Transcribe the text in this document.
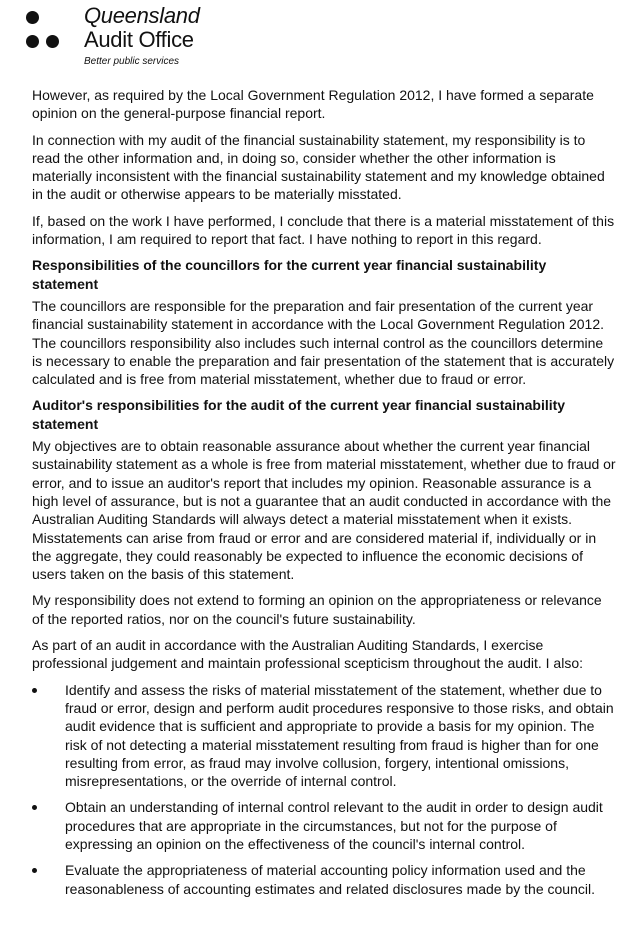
Queensland
Audit Office
Better public services

However, as required by the Local Government Regulation 2012, I have formed a separate opinion on the general-purpose financial report.

In connection with my audit of the financial sustainability statement, my responsibility is to read the other information and, in doing so, consider whether the other information is materially inconsistent with the financial sustainability statement and my knowledge obtained in the audit or otherwise appears to be materially misstated.

If, based on the work I have performed, I conclude that there is a material misstatement of this information, I am required to report that fact. I have nothing to report in this regard.

Responsibilities of the councillors for the current year financial sustainability statement

The councillors are responsible for the preparation and fair presentation of the current year financial sustainability statement in accordance with the Local Government Regulation 2012. The councillors responsibility also includes such internal control as the councillors determine is necessary to enable the preparation and fair presentation of the statement that is accurately calculated and is free from material misstatement, whether due to fraud or error.

Auditor's responsibilities for the audit of the current year financial sustainability statement

My objectives are to obtain reasonable assurance about whether the current year financial sustainability statement as a whole is free from material misstatement, whether due to fraud or error, and to issue an auditor's report that includes my opinion. Reasonable assurance is a high level of assurance, but is not a guarantee that an audit conducted in accordance with the Australian Auditing Standards will always detect a material misstatement when it exists. Misstatements can arise from fraud or error and are considered material if, individually or in the aggregate, they could reasonably be expected to influence the economic decisions of users taken on the basis of this statement.

My responsibility does not extend to forming an opinion on the appropriateness or relevance of the reported ratios, nor on the council's future sustainability.

As part of an audit in accordance with the Australian Auditing Standards, I exercise professional judgement and maintain professional scepticism throughout the audit. I also:

Identify and assess the risks of material misstatement of the statement, whether due to fraud or error, design and perform audit procedures responsive to those risks, and obtain audit evidence that is sufficient and appropriate to provide a basis for my opinion. The risk of not detecting a material misstatement resulting from fraud is higher than for one resulting from error, as fraud may involve collusion, forgery, intentional omissions, misrepresentations, or the override of internal control.
Obtain an understanding of internal control relevant to the audit in order to design audit procedures that are appropriate in the circumstances, but not for the purpose of expressing an opinion on the effectiveness of the council's internal control.
Evaluate the appropriateness of material accounting policy information used and the reasonableness of accounting estimates and related disclosures made by the council.
